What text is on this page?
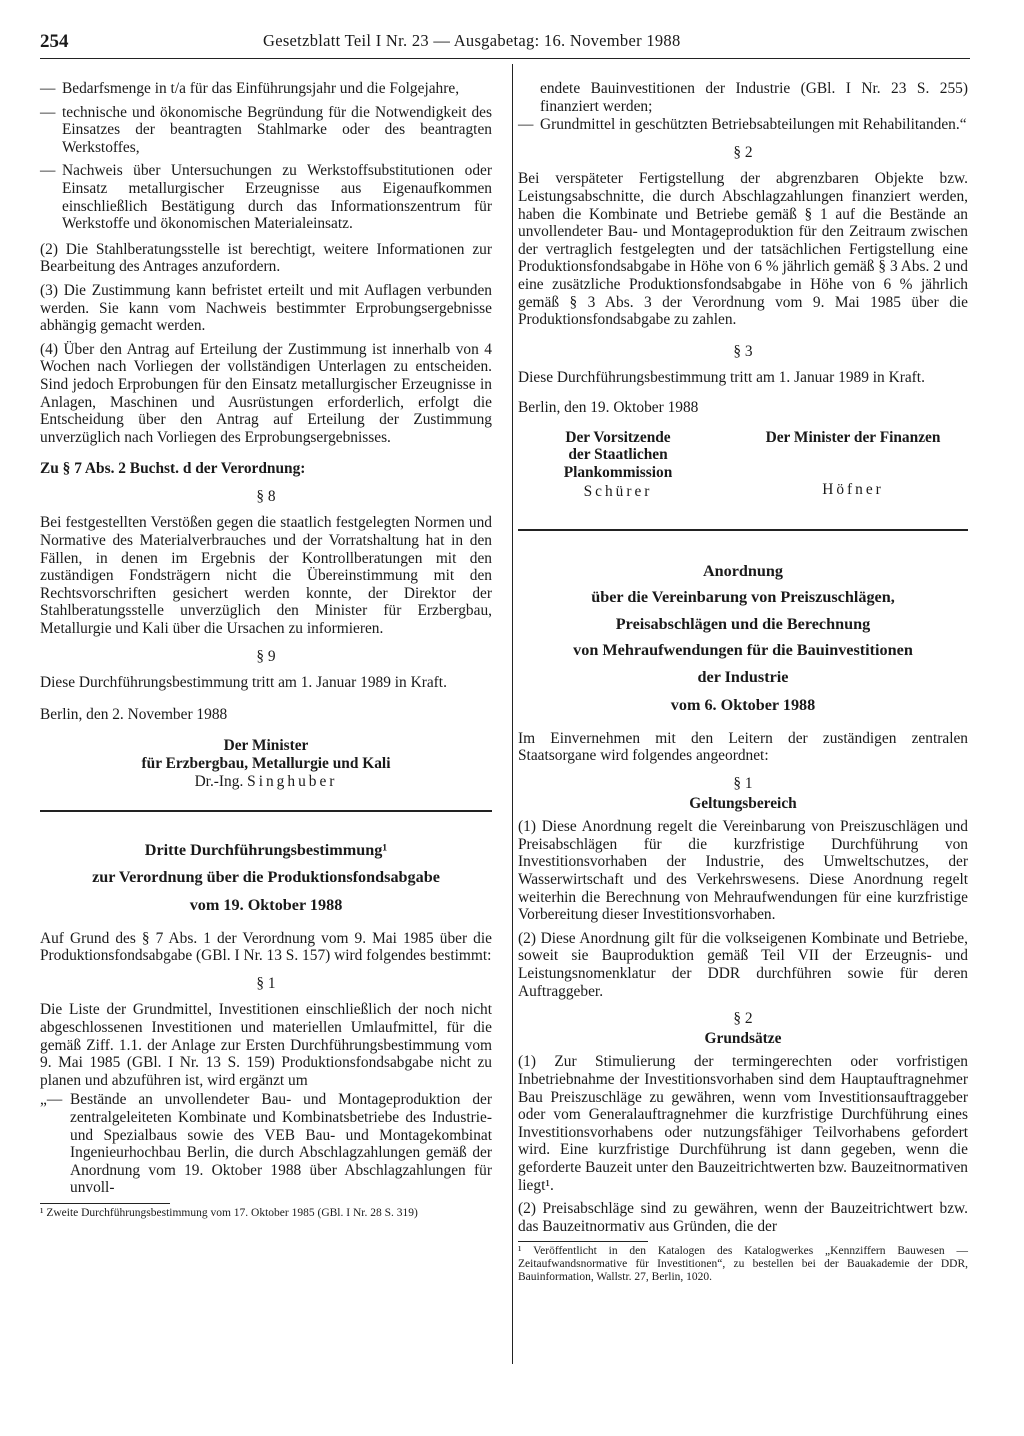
254	Gesetzblatt Teil I Nr. 23 — Ausgabetag: 16. November 1988

— Bedarfsmenge in t/a für das Einführungsjahr und die Folgejahre,

— technische und ökonomische Begründung für die Notwendigkeit des Einsatzes der beantragten Stahlmarke oder des beantragten Werkstoffes,

— Nachweis über Untersuchungen zu Werkstoffsubstitutionen oder Einsatz metallurgischer Erzeugnisse aus Eigenaufkommen einschließlich Bestätigung durch das Informationszentrum für Werkstoffe und ökonomischen Materialeinsatz.

(2) Die Stahlberatungsstelle ist berechtigt, weitere Informationen zur Bearbeitung des Antrages anzufordern.

(3) Die Zustimmung kann befristet erteilt und mit Auflagen verbunden werden. Sie kann vom Nachweis bestimmter Erprobungsergebnisse abhängig gemacht werden.

(4) Über den Antrag auf Erteilung der Zustimmung ist innerhalb von 4 Wochen nach Vorliegen der vollständigen Unterlagen zu entscheiden. Sind jedoch Erprobungen für den Einsatz metallurgischer Erzeugnisse in Anlagen, Maschinen und Ausrüstungen erforderlich, erfolgt die Entscheidung über den Antrag auf Erteilung der Zustimmung unverzüglich nach Vorliegen des Erprobungsergebnisses.

Zu § 7 Abs. 2 Buchst. d der Verordnung:

§ 8

Bei festgestellten Verstößen gegen die staatlich festgelegten Normen und Normative des Materialverbrauches und der Vorratshaltung hat in den Fällen, in denen im Ergebnis der Kontrollberatungen mit den zuständigen Fondsträgern nicht die Übereinstimmung mit den Rechtsvorschriften gesichert werden konnte, der Direktor der Stahlberatungsstelle unverzüglich den Minister für Erzbergbau, Metallurgie und Kali über die Ursachen zu informieren.

§ 9

Diese Durchführungsbestimmung tritt am 1. Januar 1989 in Kraft.

Berlin, den 2. November 1988

Der Minister

für Erzbergbau, Metallurgie und Kali

Dr.-Ing. Singhuber

Dritte Durchführungsbestimmung¹

zur Verordnung über die Produktionsfondsabgabe

vom 19. Oktober 1988

Auf Grund des § 7 Abs. 1 der Verordnung vom 9. Mai 1985 über die Produktionsfondsabgabe (GBl. I Nr. 13 S. 157) wird folgendes bestimmt:

§ 1

Die Liste der Grundmittel, Investitionen einschließlich der noch nicht abgeschlossenen Investitionen und materiellen Umlaufmittel, für die gemäß Ziff. 1.1. der Anlage zur Ersten Durchführungsbestimmung vom 9. Mai 1985 (GBl. I Nr. 13 S. 159) Produktionsfondsabgabe nicht zu planen und abzuführen ist, wird ergänzt um

„— Bestände an unvollendeter Bau- und Montageproduktion der zentralgeleiteten Kombinate und Kombinatsbetriebe des Industrie- und Spezialbaus sowie des VEB Bau- und Montagekombinat Ingenieurhochbau Berlin, die durch Abschlagzahlungen gemäß der Anordnung vom 19. Oktober 1988 über Abschlagzahlungen für unvoll-

¹ Zweite Durchführungsbestimmung vom 17. Oktober 1985 (GBl. I Nr. 28 S. 319)

endete Bauinvestitionen der Industrie (GBl. I Nr. 23 S. 255) finanziert werden;

— Grundmittel in geschützten Betriebsabteilungen mit Rehabilitanden.“

§ 2

Bei verspäteter Fertigstellung der abgrenzbaren Objekte bzw. Leistungsabschnitte, die durch Abschlagzahlungen finanziert werden, haben die Kombinate und Betriebe gemäß § 1 auf die Bestände an unvollendeter Bau- und Montageproduktion für den Zeitraum zwischen der vertraglich festgelegten und der tatsächlichen Fertigstellung eine Produktionsfondsabgabe in Höhe von 6 % jährlich gemäß § 3 Abs. 2 und eine zusätzliche Produktionsfondsabgabe in Höhe von 6 % jährlich gemäß § 3 Abs. 3 der Verordnung vom 9. Mai 1985 über die Produktionsfondsabgabe zu zahlen.

§ 3

Diese Durchführungsbestimmung tritt am 1. Januar 1989 in Kraft.

Berlin, den 19. Oktober 1988

Der Vorsitzende
der Staatlichen
Plankommission
Schürer
Der Minister der Finanzen
Höfner

Anordnung

über die Vereinbarung von Preiszuschlägen,

Preisabschlägen und die Berechnung

von Mehraufwendungen für die Bauinvestitionen

der Industrie

vom 6. Oktober 1988

Im Einvernehmen mit den Leitern der zuständigen zentralen Staatsorgane wird folgendes angeordnet:

§ 1

Geltungsbereich

(1) Diese Anordnung regelt die Vereinbarung von Preiszuschlägen und Preisabschlägen für die kurzfristige Durchführung von Investitionsvorhaben der Industrie, des Umweltschutzes, der Wasserwirtschaft und des Verkehrswesens. Diese Anordnung regelt weiterhin die Berechnung von Mehraufwendungen für eine kurzfristige Vorbereitung dieser Investitionsvorhaben.

(2) Diese Anordnung gilt für die volkseigenen Kombinate und Betriebe, soweit sie Bauproduktion gemäß Teil VII der Erzeugnis- und Leistungsnomenklatur der DDR durchführen sowie für deren Auftraggeber.

§ 2

Grundsätze

(1) Zur Stimulierung der termingerechten oder vorfristigen Inbetriebnahme der Investitionsvorhaben sind dem Hauptauftragnehmer Bau Preiszuschläge zu gewähren, wenn vom Investitionsauftraggeber oder vom Generalauftragnehmer die kurzfristige Durchführung eines Investitionsvorhabens oder nutzungsfähiger Teilvorhabens gefordert wird. Eine kurzfristige Durchführung ist dann gegeben, wenn die geforderte Bauzeit unter den Bauzeitrichtwerten bzw. Bauzeitnormativen liegt¹.

(2) Preisabschläge sind zu gewähren, wenn der Bauzeitrichtwert bzw. das Bauzeitnormativ aus Gründen, die der

¹ Veröffentlicht in den Katalogen des Katalogwerkes „Kennziffern Bauwesen — Zeitaufwandsnormative für Investitionen“, zu bestellen bei der Bauakademie der DDR, Bauinformation, Wallstr. 27, Berlin, 1020.
